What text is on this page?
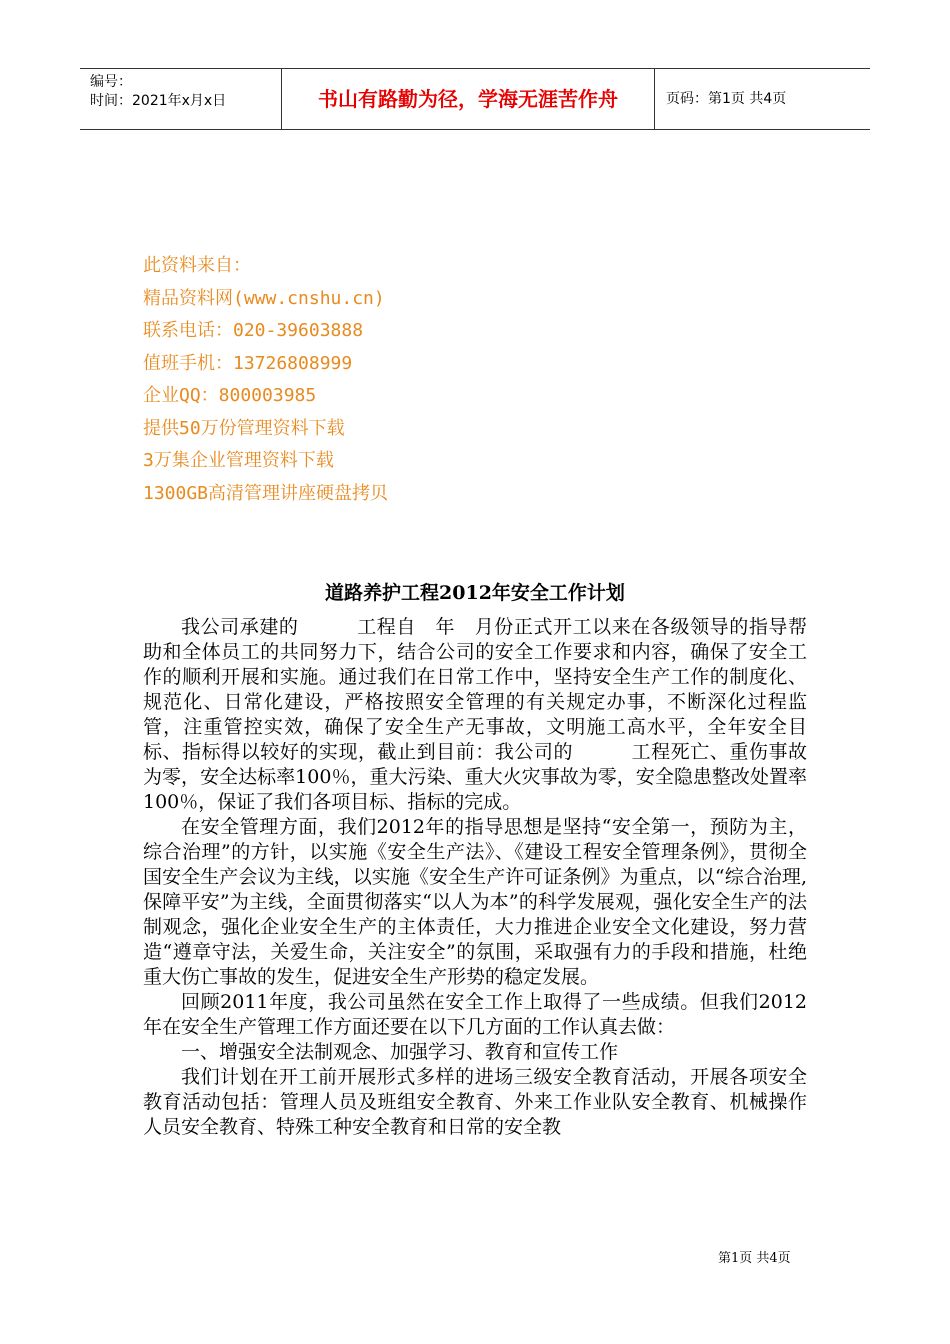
编号：
时间：2021年x月x日	书山有路勤为径，学海无涯苦作舟	页码：第1页 共4页
此资料来自：
精品资料网(www.cnshu.cn)
联系电话：020-39603888
值班手机：13726808999
企业QQ：800003985
提供50万份管理资料下载
3万集企业管理资料下载
1300GB高清管理讲座硬盘拷贝
道路养护工程2012年安全工作计划

我公司承建的　　　工程自　年　月份正式开工以来在各级领导的指导帮助和全体员工的共同努力下，结合公司的安全工作要求和内容，确保了安全工作的顺利开展和实施。通过我们在日常工作中，坚持安全生产工作的制度化、规范化、日常化建设，严格按照安全管理的有关规定办事，不断深化过程监管，注重管控实效，确保了安全生产无事故，文明施工高水平，全年安全目标、指标得以较好的实现，截止到目前：我公司的　　　工程死亡、重伤事故为零，安全达标率100％，重大污染、重大火灾事故为零，安全隐患整改处置率100％，保证了我们各项目标、指标的完成。

在安全管理方面，我们2012年的指导思想是坚持“安全第一，预防为主，综合治理”的方针，以实施《安全生产法》、《建设工程安全管理条例》，贯彻全国安全生产会议为主线，以实施《安全生产许可证条例》为重点，以“综合治理,保障平安”为主线，全面贯彻落实“以人为本”的科学发展观，强化安全生产的法制观念，强化企业安全生产的主体责任，大力推进企业安全文化建设，努力营造“遵章守法，关爱生命，关注安全”的氛围，采取强有力的手段和措施，杜绝重大伤亡事故的发生，促进安全生产形势的稳定发展。

回顾2011年度，我公司虽然在安全工作上取得了一些成绩。但我们2012年在安全生产管理工作方面还要在以下几方面的工作认真去做：

一、增强安全法制观念、加强学习、教育和宣传工作

我们计划在开工前开展形式多样的进场三级安全教育活动，开展各项安全教育活动包括：管理人员及班组安全教育、外来工作业队安全教育、机械操作人员安全教育、特殊工种安全教育和日常的安全教

第1页 共4页
